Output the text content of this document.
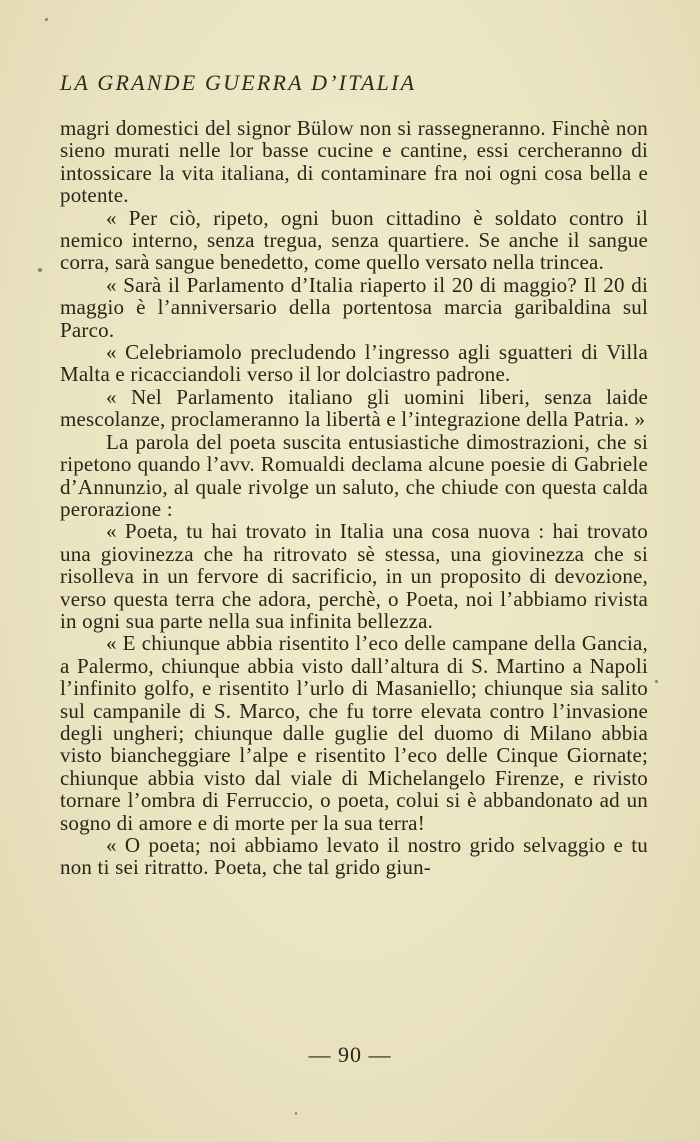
LA GRANDE GUERRA D’ITALIA

magri domestici del signor Bülow non si rassegneranno. Finchè non sieno murati nelle lor basse cucine e cantine, essi cercheranno di intossicare la vita italiana, di contaminare fra noi ogni cosa bella e potente.

« Per ciò, ripeto, ogni buon cittadino è soldato contro il nemico interno, senza tregua, senza quartiere. Se anche il sangue corra, sarà sangue benedetto, come quello versato nella trincea.

« Sarà il Parlamento d’Italia riaperto il 20 di maggio? Il 20 di maggio è l’anniversario della portentosa marcia garibaldina sul Parco.

« Celebriamolo precludendo l’ingresso agli sguatteri di Villa Malta e ricacciandoli verso il lor dolciastro padrone.

« Nel Parlamento italiano gli uomini liberi, senza laide mescolanze, proclameranno la libertà e l’integrazione della Patria. »

La parola del poeta suscita entusiastiche dimostrazioni, che si ripetono quando l’avv. Romualdi declama alcune poesie di Gabriele d’Annunzio, al quale rivolge un saluto, che chiude con questa calda perorazione :

« Poeta, tu hai trovato in Italia una cosa nuova : hai trovato una giovinezza che ha ritrovato sè stessa, una giovinezza che si risolleva in un fervore di sacrificio, in un proposito di devozione, verso questa terra che adora, perchè, o Poeta, noi l’abbiamo rivista in ogni sua parte nella sua infinita bellezza.

« E chiunque abbia risentito l’eco delle campane della Gancia, a Palermo, chiunque abbia visto dall’altura di S. Martino a Napoli l’infinito golfo, e risentito l’urlo di Masaniello; chiunque sia salito sul campanile di S. Marco, che fu torre elevata contro l’invasione degli ungheri; chiunque dalle guglie del duomo di Milano abbia visto biancheggiare l’alpe e risentito l’eco delle Cinque Giornate; chiunque abbia visto dal viale di Michelangelo Firenze, e rivisto tornare l’ombra di Ferruccio, o poeta, colui si è abbandonato ad un sogno di amore e di morte per la sua terra!

« O poeta; noi abbiamo levato il nostro grido selvaggio e tu non ti sei ritratto. Poeta, che tal grido giun-

— 90 —
